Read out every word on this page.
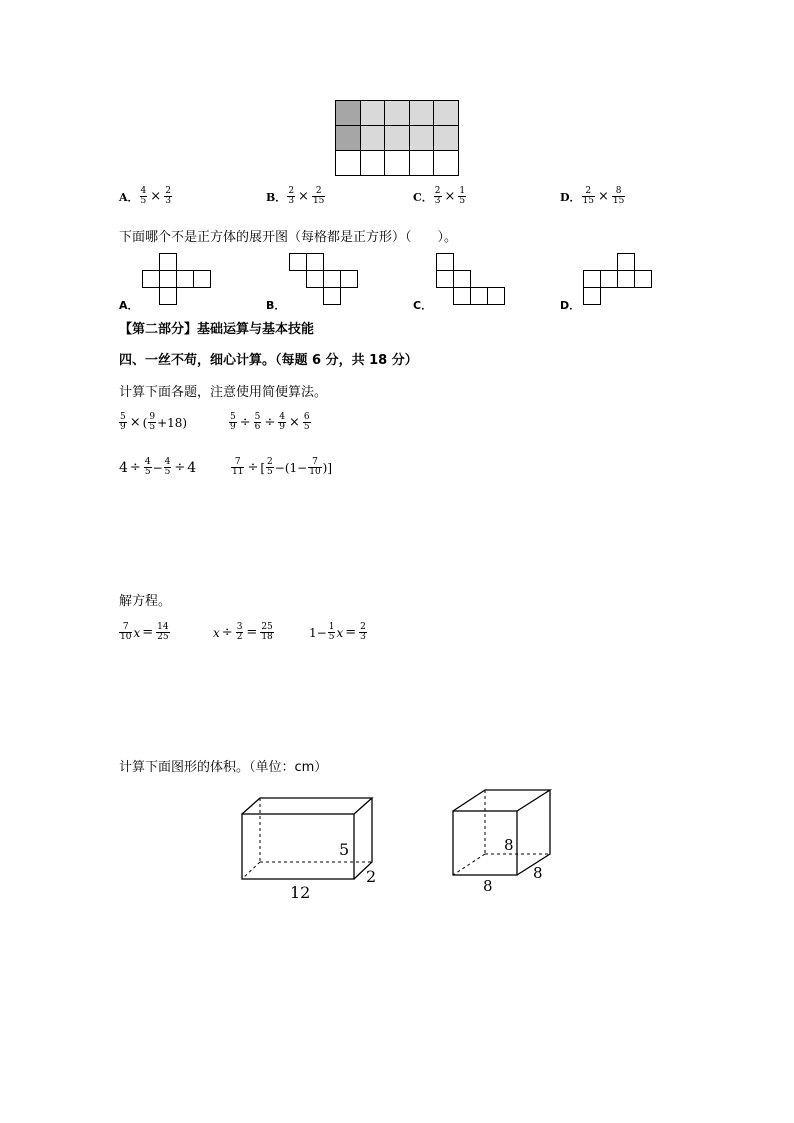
A． $\frac{4}{5} \times \frac{2}{3}$	B． $\frac{2}{3} \times \frac{2}{15}$	C． $\frac{2}{3} \times \frac{1}{5}$	D． $\frac{2}{15} \times \frac{8}{15}$
下面哪个不是正方体的展开图（每格都是正方形）（　　）。
A．	B．	C．	D．
【第二部分】基础运算与基本技能
四、一丝不苟，细心计算。（每题 6 分，共 18 分）
计算下面各题，注意使用简便算法。
$\frac{5}{9}$ × ( $\frac{9}{5} +18$ )	$\frac{5}{9} \div \frac{5}{6} \div \frac{4}{9} \times \frac{6}{5}$
$4 \div \frac{4}{5} - \frac{4}{5} \div 4$	$\frac{7}{11}$ ÷ [ $\frac{2}{5} -(1- \frac{7}{10}$ )]
解方程。
$\frac{7}{10}$ $x = \frac{14}{25}$	$x \div \frac{3}{2} = \frac{25}{18}$	$1- \frac{1}{5}$ $x = \frac{2}{3}$
计算下面图形的体积。（单位：cm）
12
5
2
8
8
8
